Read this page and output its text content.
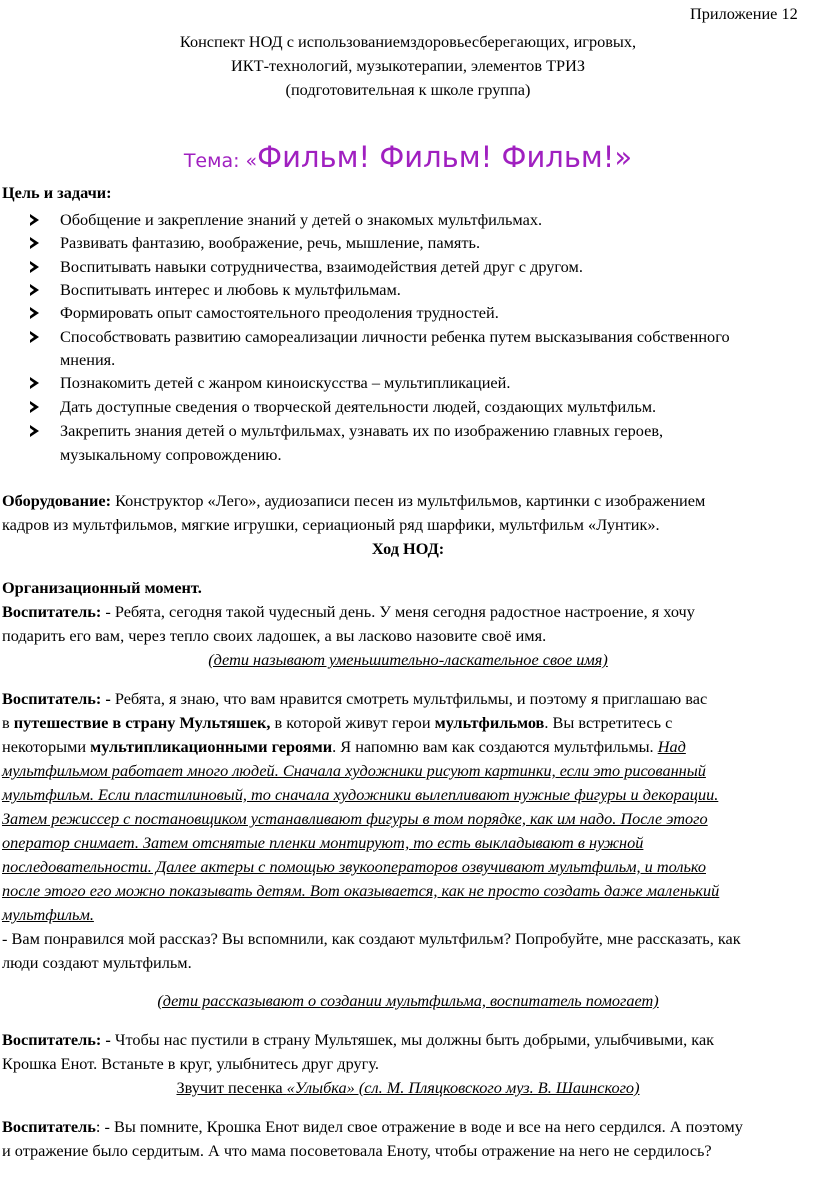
Приложение 12
Конспект НОД с использованиемздоровьесберегающих, игровых,
ИКТ-технологий, музыкотерапии, элементов ТРИЗ
(подготовительная к школе группа)
Тема: «Фильм! Фильм! Фильм!»
Цель и задачи:
Обобщение и закрепление знаний у детей о знакомых мультфильмах.
Развивать фантазию, воображение, речь, мышление, память.
Воспитывать навыки сотрудничества, взаимодействия детей друг с другом.
Воспитывать интерес и любовь к мультфильмам.
Формировать опыт самостоятельного преодоления трудностей.
Способствовать развитию самореализации личности ребенка путем высказывания собственного
мнения.
Познакомить детей с жанром киноискусства – мультипликацией.
Дать доступные сведения о творческой деятельности людей, создающих мультфильм.
Закрепить знания детей о мультфильмах, узнавать их по изображению главных героев,
музыкальному сопровождению.
Оборудование: Конструктор «Лего», аудиозаписи песен из мультфильмов, картинки с изображением
кадров из мультфильмов, мягкие игрушки, сериационый ряд шарфики, мультфильм «Лунтик».
Ход НОД:
Организационный момент.
Воспитатель: - Ребята, сегодня такой чудесный день. У меня сегодня радостное настроение, я хочу
подарить его вам, через тепло своих ладошек, а вы ласково назовите своё имя.
(дети называют уменьшительно-ласкательное свое имя)
Воспитатель: - Ребята, я знаю, что вам нравится смотреть мультфильмы, и поэтому я приглашаю вас
в путешествие в страну Мультяшек, в которой живут герои мультфильмов. Вы встретитесь с
некоторыми мультипликационными героями. Я напомню вам как создаются мультфильмы. Над
мультфильмом работает много людей. Сначала художники рисуют картинки, если это рисованный
мультфильм. Если пластилиновый, то сначала художники вылепливают нужные фигуры и декорации.
Затем режиссер с постановщиком устанавливают фигуры в том порядке, как им надо. После этого
оператор снимает. Затем отснятые пленки монтируют, то есть выкладывают в нужной
последовательности. Далее актеры с помощью звукооператоров озвучивают мультфильм, и только
после этого его можно показывать детям. Вот оказывается, как не просто создать даже маленький
мультфильм.
- Вам понравился мой рассказ? Вы вспомнили, как создают мультфильм? Попробуйте, мне рассказать, как
люди создают мультфильм.
(дети рассказывают о создании мультфильма, воспитатель помогает)
Воспитатель: - Чтобы нас пустили в страну Мультяшек, мы должны быть добрыми, улыбчивыми, как
Крошка Енот. Встаньте в круг, улыбнитесь друг другу.
Звучит песенка «Улыбка» (сл. М. Пляцковского муз. В. Шаинского)
Воспитатель: - Вы помните, Крошка Енот видел свое отражение в воде и все на него сердился. А поэтому
и отражение было сердитым. А что мама посоветовала Еноту, чтобы отражение на него не сердилось?
